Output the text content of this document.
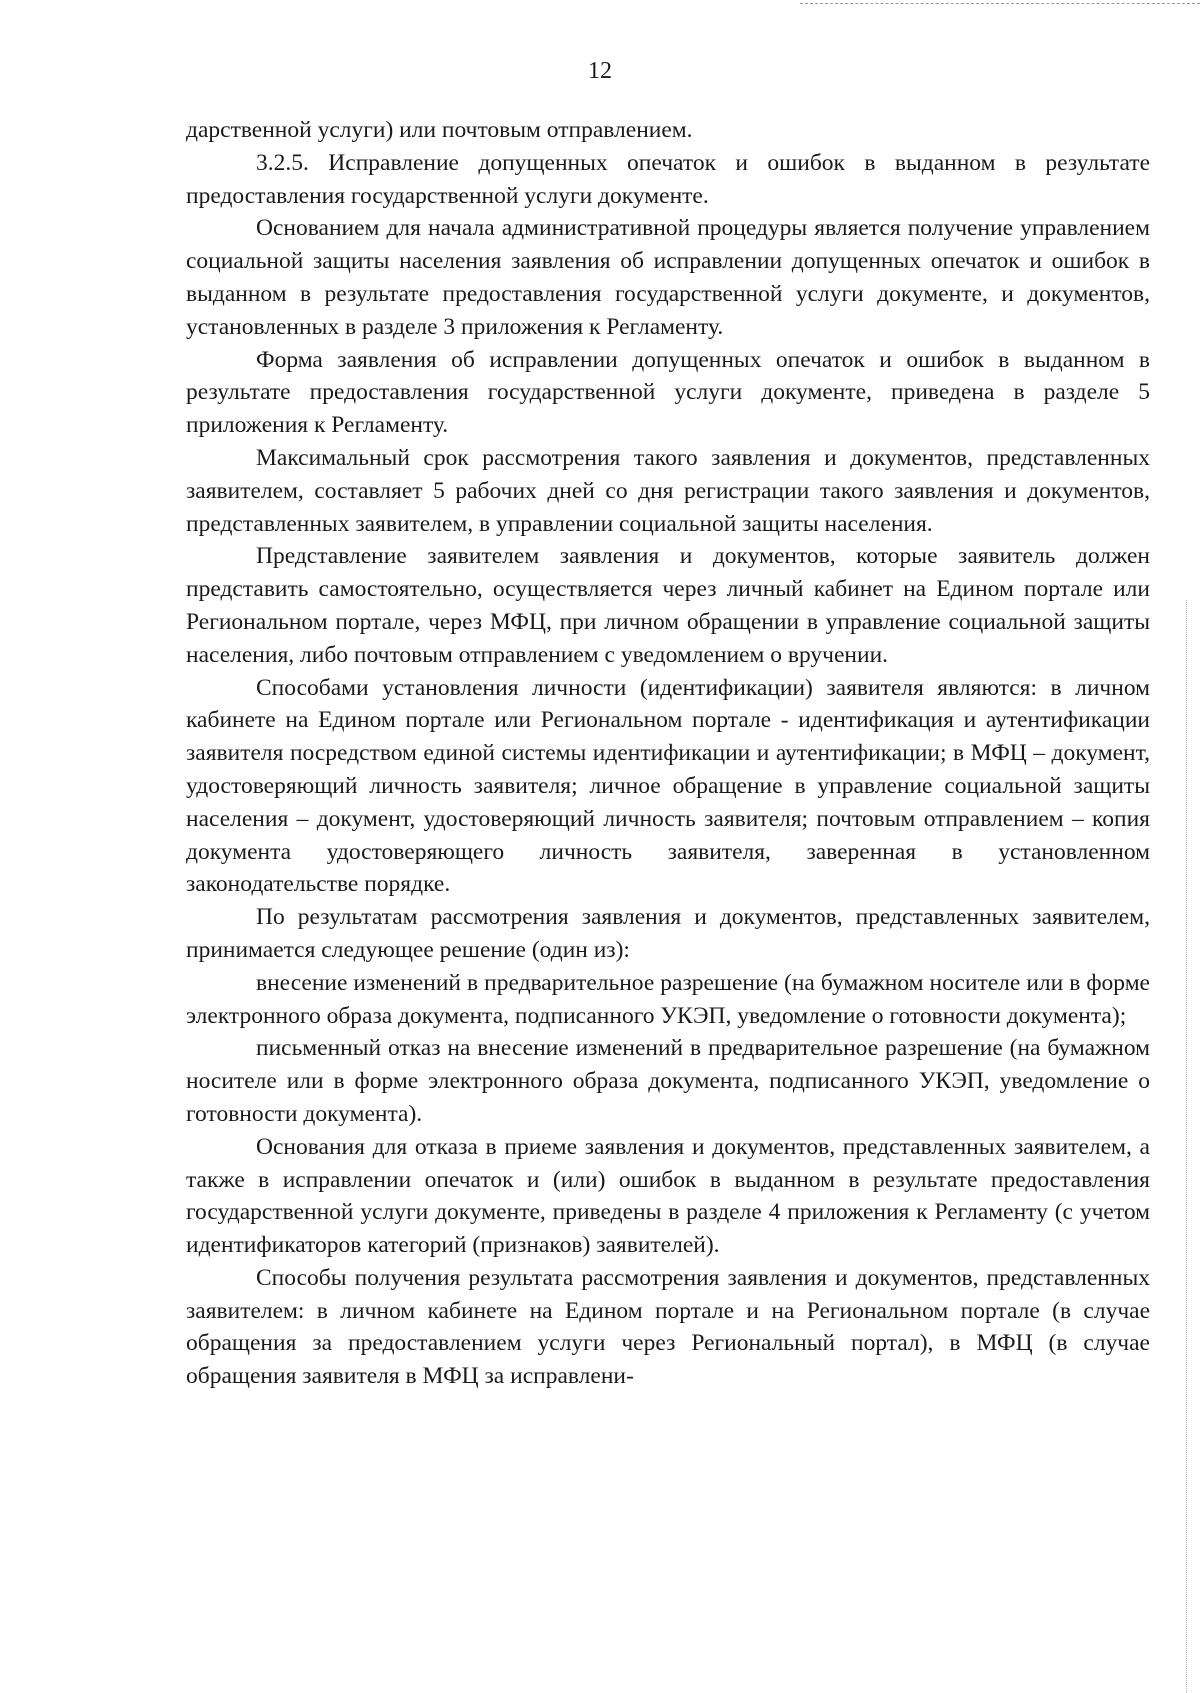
12

дарственной услуги) или почтовым отправлением.

3.2.5. Исправление допущенных опечаток и ошибок в выданном в результате предоставления государственной услуги документе.

Основанием для начала административной процедуры является получение управлением социальной защиты населения заявления об исправлении допущенных опечаток и ошибок в выданном в результате предоставления государственной услуги документе, и документов, установленных в разделе 3 приложения к Регламенту.

Форма заявления об исправлении допущенных опечаток и ошибок в выданном в результате предоставления государственной услуги документе, приведена в разделе 5 приложения к Регламенту.

Максимальный срок рассмотрения такого заявления и документов, представленных заявителем, составляет 5 рабочих дней со дня регистрации такого заявления и документов, представленных заявителем, в управлении социальной защиты населения.

Представление заявителем заявления и документов, которые заявитель должен представить самостоятельно, осуществляется через личный кабинет на Едином портале или Региональном портале, через МФЦ, при личном обращении в управление социальной защиты населения, либо почтовым отправлением с уведомлением о вручении.

Способами установления личности (идентификации) заявителя являются: в личном кабинете на Едином портале или Региональном портале - идентификация и аутентификации заявителя посредством единой системы идентификации и аутентификации; в МФЦ – документ, удостоверяющий личность заявителя; личное обращение в управление социальной защиты населения – документ, удостоверяющий личность заявителя; почтовым отправлением – копия документа удостоверяющего личность заявителя, заверенная в установленном законодательстве порядке.

По результатам рассмотрения заявления и документов, представленных заявителем, принимается следующее решение (один из):

внесение изменений в предварительное разрешение (на бумажном носителе или в форме электронного образа документа, подписанного УКЭП, уведомление о готовности документа);

письменный отказ на внесение изменений в предварительное разрешение (на бумажном носителе или в форме электронного образа документа, подписанного УКЭП, уведомление о готовности документа).

Основания для отказа в приеме заявления и документов, представленных заявителем, а также в исправлении опечаток и (или) ошибок в выданном в результате предоставления государственной услуги документе, приведены в разделе 4 приложения к Регламенту (с учетом идентификаторов категорий (признаков) заявителей).

Способы получения результата рассмотрения заявления и документов, представленных заявителем: в личном кабинете на Едином портале и на Региональном портале (в случае обращения за предоставлением услуги через Региональный портал), в МФЦ (в случае обращения заявителя в МФЦ за исправлени-
